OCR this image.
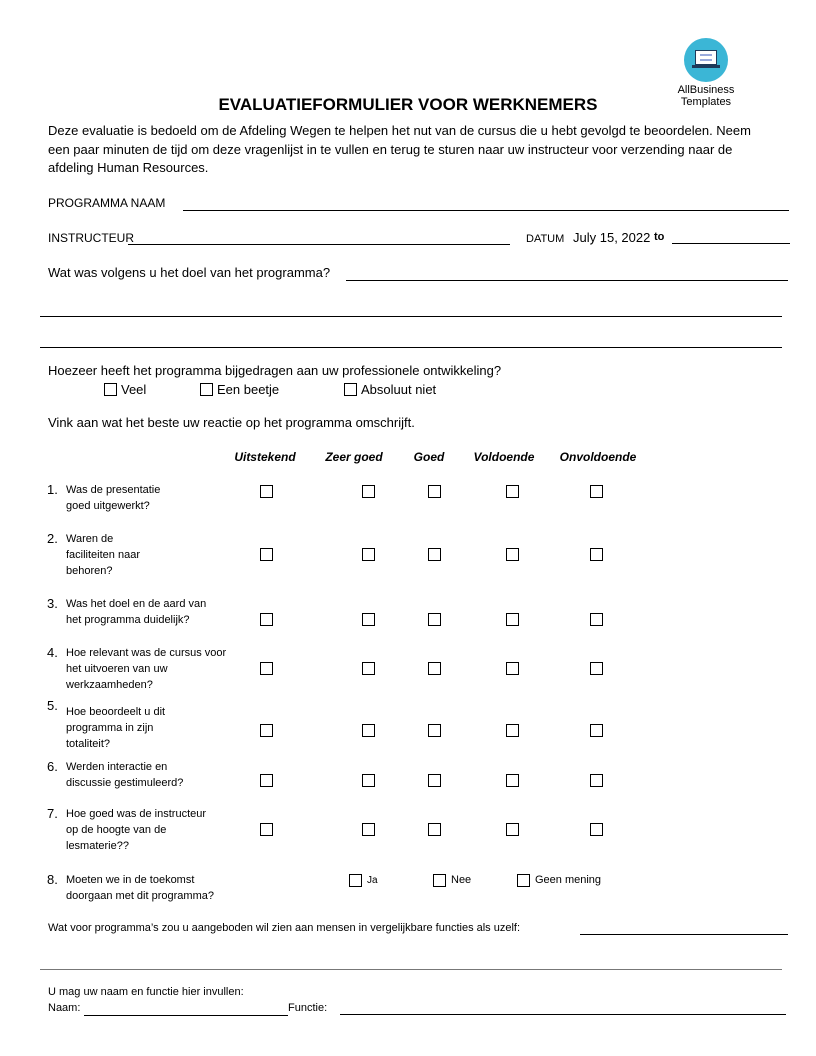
AllBusiness
Templates
EVALUATIEFORMULIER VOOR WERKNEMERS
Deze evaluatie is bedoeld om de Afdeling Wegen te helpen het nut van de cursus die u hebt gevolgd te beoordelen. Neem
een paar minuten de tijd om deze vragenlijst in te vullen en terug te sturen naar uw instructeur voor verzending naar de
afdeling Human Resources.
PROGRAMMA NAAM
INSTRUCTEUR	DATUM July 15, 2022 to
Wat was volgens u het doel van het programma?
Hoezeer heeft het programma bijgedragen aan uw professionele ontwikkeling?
Veel	Een beetje	Absoluut niet
Vink aan wat het beste uw reactie op het programma omschrijft.
Uitstekend	Zeer goed	Goed	Voldoende	Onvoldoende
1. Was de presentatie
goed uitgewerkt?
2. Waren de
faciliteiten naar
behoren?
3. Was het doel en de aard van
het programma duidelijk?
4. Hoe relevant was de cursus voor
het uitvoeren van uw
werkzaamheden?
5. Hoe beoordeelt u dit
programma in zijn
totaliteit?
6. Werden interactie en
discussie gestimuleerd?
7. Hoe goed was de instructeur
op de hoogte van de
lesmaterie??
8. Moeten we in de toekomst
doorgaan met dit programma?
Ja	Nee	Geen mening
Wat voor programma’s zou u aangeboden wil zien aan mensen in vergelijkbare functies als uzelf:
U mag uw naam en functie hier invullen:
Naam:	Functie:
